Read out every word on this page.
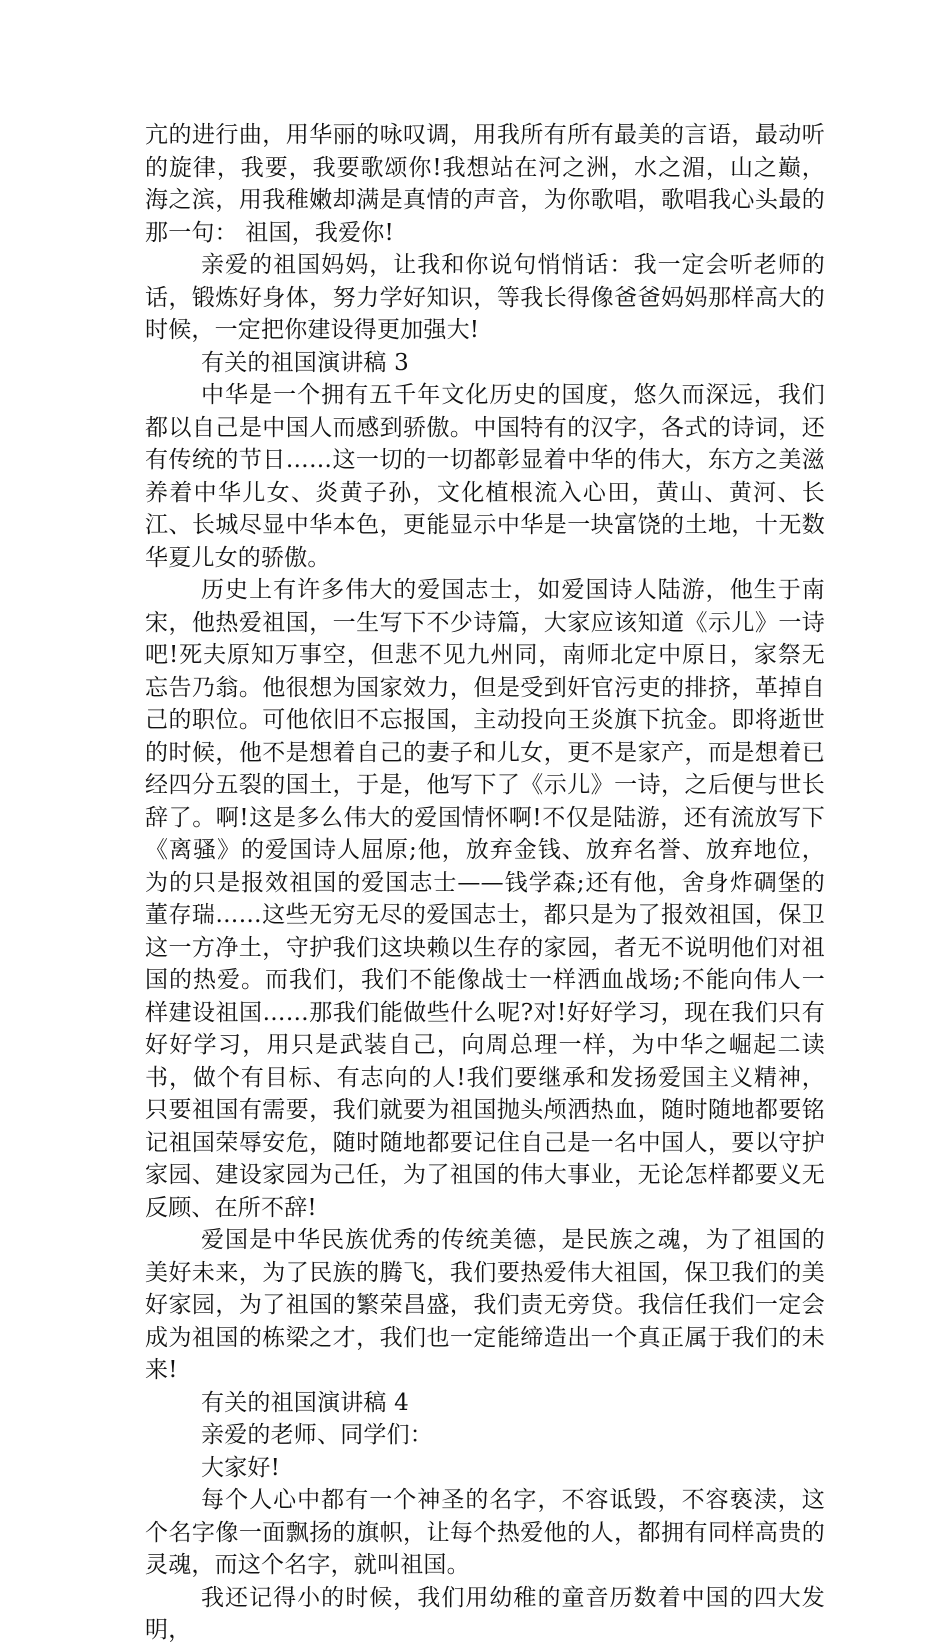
亢的进行曲，用华丽的咏叹调，用我所有所有最美的言语，最动听的旋律，我要，我要歌颂你!我想站在河之洲，水之湄，山之巅，海之滨，用我稚嫩却满是真情的声音，为你歌唱，歌唱我心头最的那一句： 祖国，我爱你!

亲爱的祖国妈妈，让我和你说句悄悄话：我一定会听老师的话，锻炼好身体，努力学好知识，等我长得像爸爸妈妈那样高大的时候，一定把你建设得更加强大!

有关的祖国演讲稿 3

中华是一个拥有五千年文化历史的国度，悠久而深远，我们都以自己是中国人而感到骄傲。中国特有的汉字，各式的诗词，还有传统的节日……这一切的一切都彰显着中华的伟大，东方之美滋养着中华儿女、炎黄子孙，文化植根流入心田，黄山、黄河、长江、长城尽显中华本色，更能显示中华是一块富饶的土地，十无数华夏儿女的骄傲。

历史上有许多伟大的爱国志士，如爱国诗人陆游，他生于南宋，他热爱祖国，一生写下不少诗篇，大家应该知道《示儿》一诗吧!死夫原知万事空，但悲不见九州同，南师北定中原日，家祭无忘告乃翁。他很想为国家效力，但是受到奸官污吏的排挤，革掉自己的职位。可他依旧不忘报国，主动投向王炎旗下抗金。即将逝世的时候，他不是想着自己的妻子和儿女，更不是家产，而是想着已经四分五裂的国土，于是，他写下了《示儿》一诗，之后便与世长辞了。啊!这是多么伟大的爱国情怀啊!不仅是陆游，还有流放写下《离骚》的爱国诗人屈原;他，放弃金钱、放弃名誉、放弃地位，为的只是报效祖国的爱国志士——钱学森;还有他，舍身炸碉堡的董存瑞……这些无穷无尽的爱国志士，都只是为了报效祖国，保卫这一方净土，守护我们这块赖以生存的家园，者无不说明他们对祖国的热爱。而我们，我们不能像战士一样洒血战场;不能向伟人一样建设祖国……那我们能做些什么呢?对!好好学习，现在我们只有好好学习，用只是武装自己，向周总理一样，为中华之崛起二读书，做个有目标、有志向的人!我们要继承和发扬爱国主义精神，只要祖国有需要，我们就要为祖国抛头颅洒热血，随时随地都要铭记祖国荣辱安危，随时随地都要记住自己是一名中国人，要以守护家园、建设家园为己任，为了祖国的伟大事业，无论怎样都要义无反顾、在所不辞!

爱国是中华民族优秀的传统美德，是民族之魂，为了祖国的美好未来，为了民族的腾飞，我们要热爱伟大祖国，保卫我们的美好家园，为了祖国的繁荣昌盛，我们责无旁贷。我信任我们一定会成为祖国的栋梁之才，我们也一定能缔造出一个真正属于我们的未来!

有关的祖国演讲稿 4

亲爱的老师、同学们：

大家好!

每个人心中都有一个神圣的名字，不容诋毁，不容亵渎，这个名字像一面飘扬的旗帜，让每个热爱他的人，都拥有同样高贵的灵魂，而这个名字，就叫祖国。

我还记得小的时候，我们用幼稚的童音历数着中国的四大发明，
